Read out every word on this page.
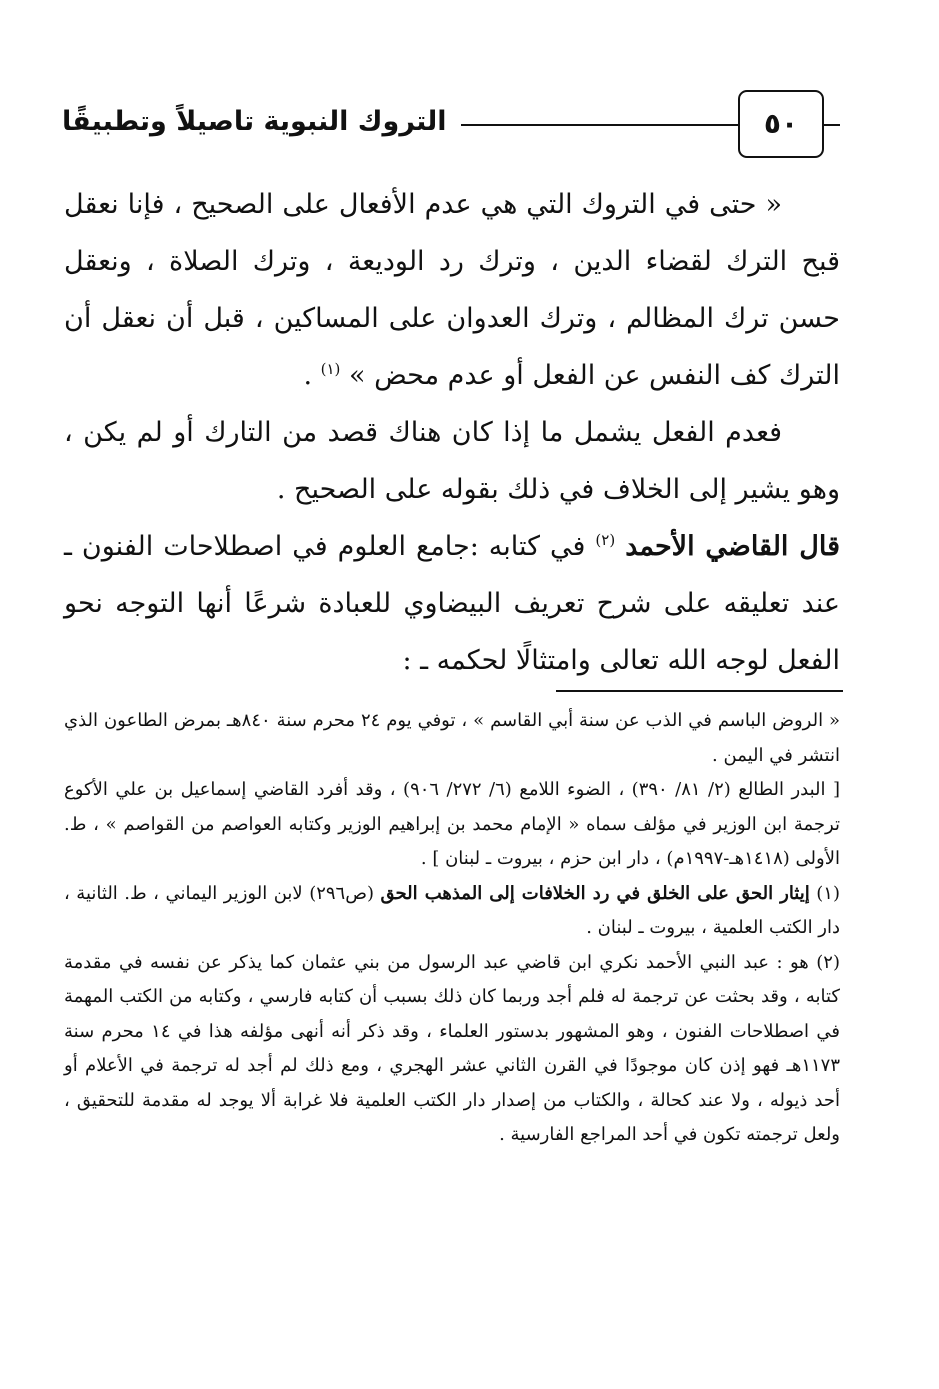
التروك النبوية تاصيلاً وتطبيقًا	٥٠

« حتى في التروك التي هي عدم الأفعال على الصحيح ، فإنا نعقل قبح الترك لقضاء الدين ، وترك رد الوديعة ، وترك الصلاة ، ونعقل حسن ترك المظالم ، وترك العدوان على المساكين ، قبل أن نعقل أن الترك كف النفس عن الفعل أو عدم محض » $^{(١)}$ .

فعدم الفعل يشمل ما إذا كان هناك قصد من التارك أو لم يكن ، وهو يشير إلى الخلاف في ذلك بقوله على الصحيح .

قال القاضي الأحمد $^{(٢)}$ في كتابه :جامع العلوم في اصطلاحات الفنون ـ عند تعليقه على شرح تعريف البيضاوي للعبادة شرعًا أنها التوجه نحو الفعل لوجه الله تعالى وامتثالًا لحكمه ـ :

« الروض الباسم في الذب عن سنة أبي القاسم » ، توفي يوم ٢٤ محرم سنة ٨٤٠هـ بمرض الطاعون الذي انتشر في اليمن .

[ البدر الطالع (٢/ ٨١/ ٣٩٠) ، الضوء اللامع (٦/ ٢٧٢/ ٩٠٦) ، وقد أفرد القاضي إسماعيل بن علي الأكوع ترجمة ابن الوزير في مؤلف سماه « الإمام محمد بن إبراهيم الوزير وكتابه العواصم من القواصم » ، ط. الأولى (١٤١٨هـ-١٩٩٧م) ، دار ابن حزم ، بيروت ـ لبنان ] .

(١) إيثار الحق على الخلق في رد الخلافات إلى المذهب الحق (ص٢٩٦) لابن الوزير اليماني ، ط. الثانية ، دار الكتب العلمية ، بيروت ـ لبنان .

(٢) هو : عبد النبي الأحمد نكري ابن قاضي عبد الرسول من بني عثمان كما يذكر عن نفسه في مقدمة كتابه ، وقد بحثت عن ترجمة له فلم أجد وربما كان ذلك بسبب أن كتابه فارسي ، وكتابه من الكتب المهمة في اصطلاحات الفنون ، وهو المشهور بدستور العلماء ، وقد ذكر أنه أنهى مؤلفه هذا في ١٤ محرم سنة ١١٧٣هـ فهو إذن كان موجودًا في القرن الثاني عشر الهجري ، ومع ذلك لم أجد له ترجمة في الأعلام أو أحد ذيوله ، ولا عند كحالة ، والكتاب من إصدار دار الكتب العلمية فلا غرابة ألا يوجد له مقدمة للتحقيق ، ولعل ترجمته تكون في أحد المراجع الفارسية .
